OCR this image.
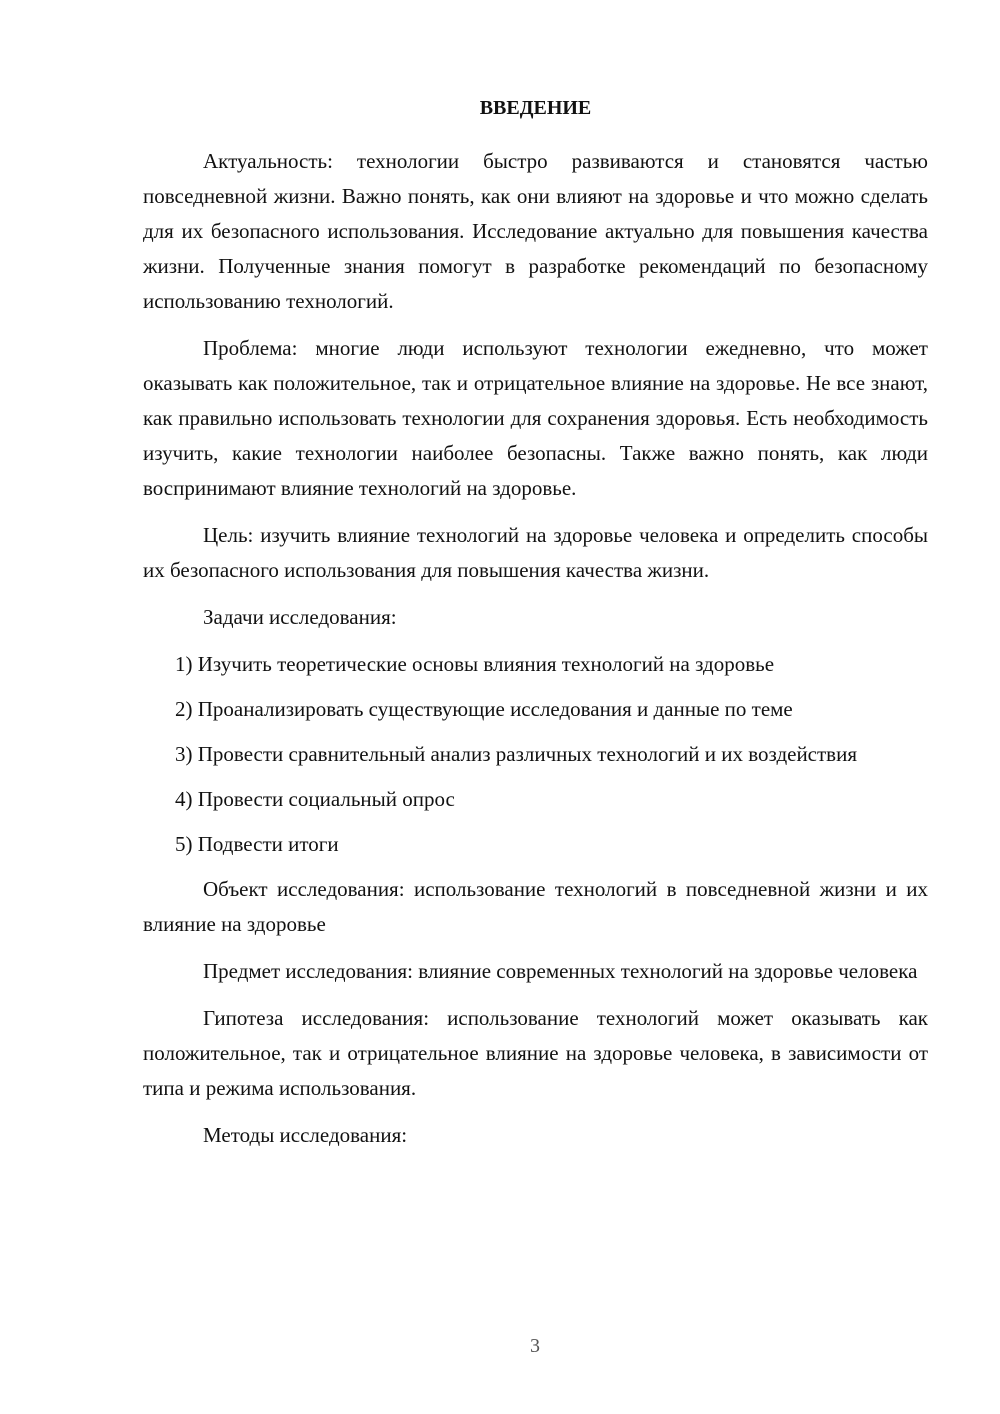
ВВЕДЕНИЕ

Актуальность: технологии быстро развиваются и становятся частью повседневной жизни. Важно понять, как они влияют на здоровье и что можно сделать для их безопасного использования. Исследование актуально для повышения качества жизни. Полученные знания помогут в разработке рекомендаций по безопасному использованию технологий.

Проблема: многие люди используют технологии ежедневно, что может оказывать как положительное, так и отрицательное влияние на здоровье. Не все знают, как правильно использовать технологии для сохранения здоровья. Есть необходимость изучить, какие технологии наиболее безопасны. Также важно понять, как люди воспринимают влияние технологий на здоровье.

Цель: изучить влияние технологий на здоровье человека и определить способы их безопасного использования для повышения качества жизни.

Задачи исследования:

1) Изучить теоретические основы влияния технологий на здоровье

2) Проанализировать существующие исследования и данные по теме

3) Провести сравнительный анализ различных технологий и их воздействия

4) Провести социальный опрос

5) Подвести итоги

Объект исследования: использование технологий в повседневной жизни и их влияние на здоровье

Предмет исследования: влияние современных технологий на здоровье человека

Гипотеза исследования: использование технологий может оказывать как положительное, так и отрицательное влияние на здоровье человека, в зависимости от типа и режима использования.

Методы исследования:

3
